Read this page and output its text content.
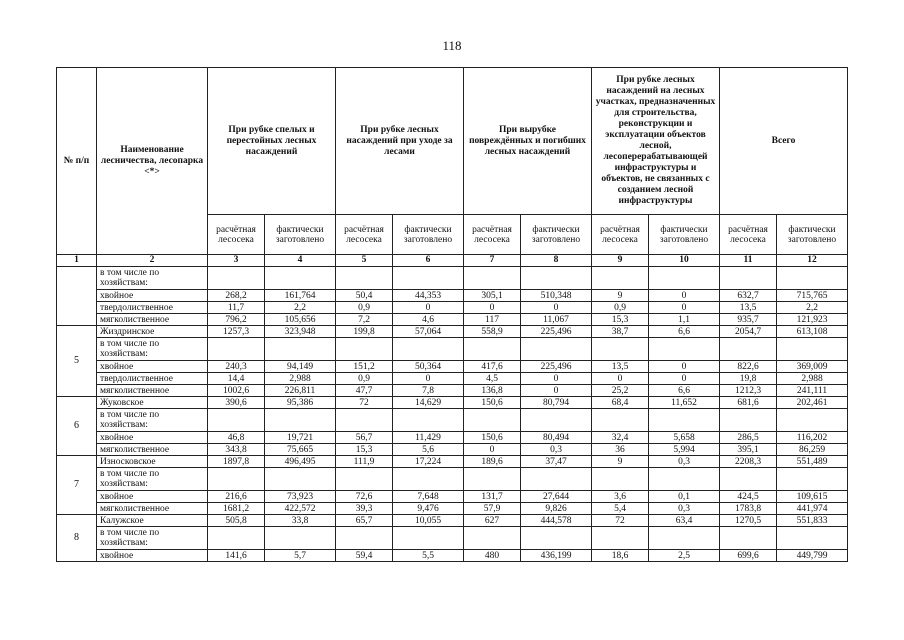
118
№ п/п	Наименование лесничества, лесопарка <*>	При рубке спелых и перестойных лесных насаждений		При рубке лесных насаждений при уходе за лесами		При вырубке повреждённых и погибших лесных насаждений		При рубке лесных насаждений на лесных участках, предназначенных для строительства, реконструкции и эксплуатации объектов лесной, лесоперерабатывающей инфраструктуры и объектов, не связанных с созданием лесной инфраструктуры		Всего	
		расчётная лесосека	фактически заготовлено	расчётная лесосека	фактически заготовлено	расчётная лесосека	фактически заготовлено	расчётная лесосека	фактически заготовлено	расчётная лесосека	фактически заготовлено
1	2	3	4	5	6	7	8	9	10	11	12
	в том числе по хозяйствам:										
	хвойное	268,2	161,764	50,4	44,353	305,1	510,348	9	0	632,7	715,765
	твердолиственное	11,7	2,2	0,9	0	0	0	0,9	0	13,5	2,2
	мягколиственное	796,2	105,656	7,2	4,6	117	11,067	15,3	1,1	935,7	121,923
5	Жиздринское	1257,3	323,948	199,8	57,064	558,9	225,496	38,7	6,6	2054,7	613,108
	в том числе по хозяйствам:										
	хвойное	240,3	94,149	151,2	50,364	417,6	225,496	13,5	0	822,6	369,009
	твердолиственное	14,4	2,988	0,9	0	4,5	0	0	0	19,8	2,988
	мягколиственное	1002,6	226,811	47,7	7,8	136,8	0	25,2	6,6	1212,3	241,111
6	Жуковское	390,6	95,386	72	14,629	150,6	80,794	68,4	11,652	681,6	202,461
	в том числе по хозяйствам:										
	хвойное	46,8	19,721	56,7	11,429	150,6	80,494	32,4	5,658	286,5	116,202
	мягколиственное	343,8	75,665	15,3	5,6	0	0,3	36	5,994	395,1	86,259
7	Износковское	1897,8	496,495	111,9	17,224	189,6	37,47	9	0,3	2208,3	551,489
	в том числе по хозяйствам:										
	хвойное	216,6	73,923	72,6	7,648	131,7	27,644	3,6	0,1	424,5	109,615
	мягколиственное	1681,2	422,572	39,3	9,476	57,9	9,826	5,4	0,3	1783,8	441,974
8	Калужское	505,8	33,8	65,7	10,055	627	444,578	72	63,4	1270,5	551,833
	в том числе по хозяйствам:										
	хвойное	141,6	5,7	59,4	5,5	480	436,199	18,6	2,5	699,6	449,799
